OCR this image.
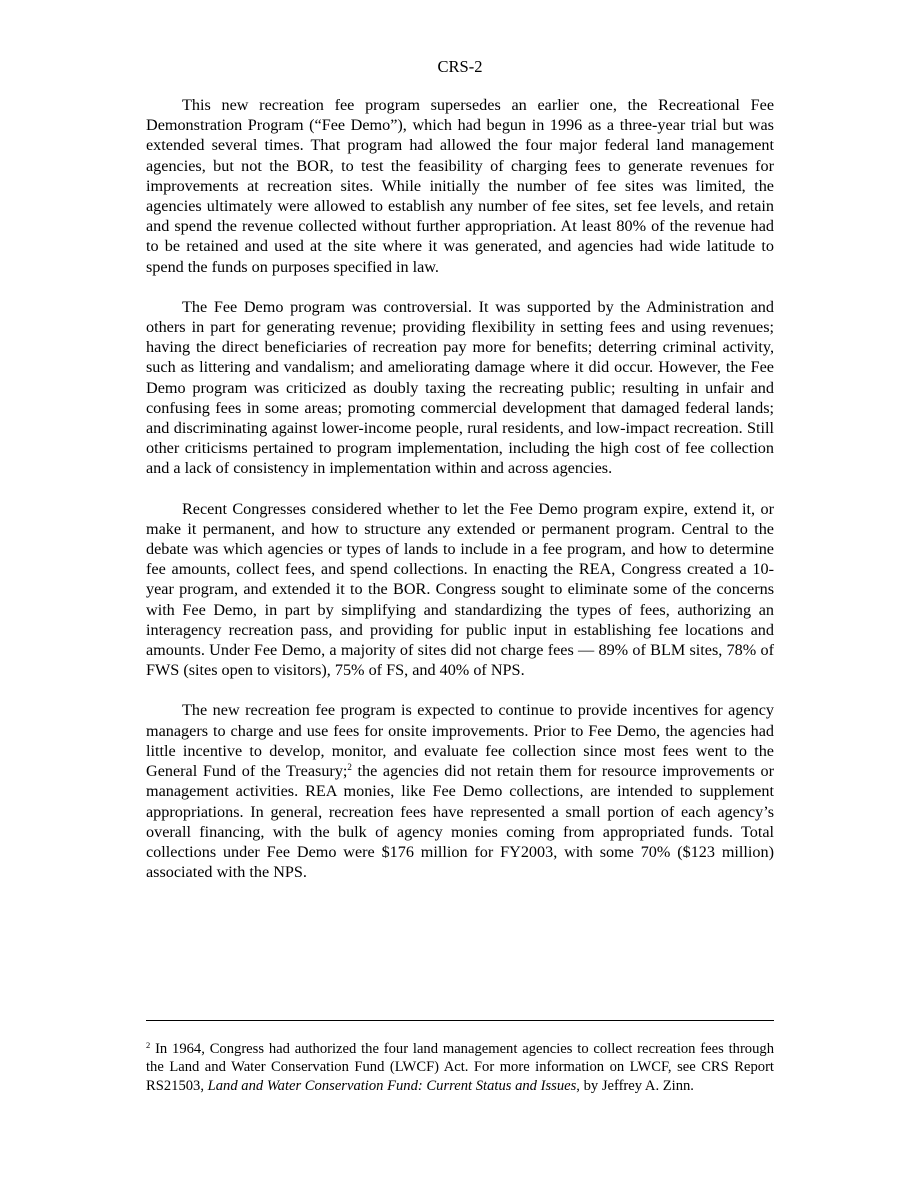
CRS-2

This new recreation fee program supersedes an earlier one, the Recreational Fee Demonstration Program (“Fee Demo”), which had begun in 1996 as a three-year trial but was extended several times. That program had allowed the four major federal land management agencies, but not the BOR, to test the feasibility of charging fees to generate revenues for improvements at recreation sites. While initially the number of fee sites was limited, the agencies ultimately were allowed to establish any number of fee sites, set fee levels, and retain and spend the revenue collected without further appropriation. At least 80% of the revenue had to be retained and used at the site where it was generated, and agencies had wide latitude to spend the funds on purposes specified in law.

The Fee Demo program was controversial. It was supported by the Administration and others in part for generating revenue; providing flexibility in setting fees and using revenues; having the direct beneficiaries of recreation pay more for benefits; deterring criminal activity, such as littering and vandalism; and ameliorating damage where it did occur. However, the Fee Demo program was criticized as doubly taxing the recreating public; resulting in unfair and confusing fees in some areas; promoting commercial development that damaged federal lands; and discriminating against lower-income people, rural residents, and low-impact recreation. Still other criticisms pertained to program implementation, including the high cost of fee collection and a lack of consistency in implementation within and across agencies.

Recent Congresses considered whether to let the Fee Demo program expire, extend it, or make it permanent, and how to structure any extended or permanent program. Central to the debate was which agencies or types of lands to include in a fee program, and how to determine fee amounts, collect fees, and spend collections. In enacting the REA, Congress created a 10-year program, and extended it to the BOR. Congress sought to eliminate some of the concerns with Fee Demo, in part by simplifying and standardizing the types of fees, authorizing an interagency recreation pass, and providing for public input in establishing fee locations and amounts. Under Fee Demo, a majority of sites did not charge fees — 89% of BLM sites, 78% of FWS (sites open to visitors), 75% of FS, and 40% of NPS.

The new recreation fee program is expected to continue to provide incentives for agency managers to charge and use fees for onsite improvements. Prior to Fee Demo, the agencies had little incentive to develop, monitor, and evaluate fee collection since most fees went to the General Fund of the Treasury;$^2$ the agencies did not retain them for resource improvements or management activities. REA monies, like Fee Demo collections, are intended to supplement appropriations. In general, recreation fees have represented a small portion of each agency’s overall financing, with the bulk of agency monies coming from appropriated funds. Total collections under Fee Demo were $176 million for FY2003, with some 70% ($123 million) associated with the NPS.

$^2$ In 1964, Congress had authorized the four land management agencies to collect recreation fees through the Land and Water Conservation Fund (LWCF) Act. For more information on LWCF, see CRS Report RS21503, Land and Water Conservation Fund: Current Status and Issues, by Jeffrey A. Zinn.
